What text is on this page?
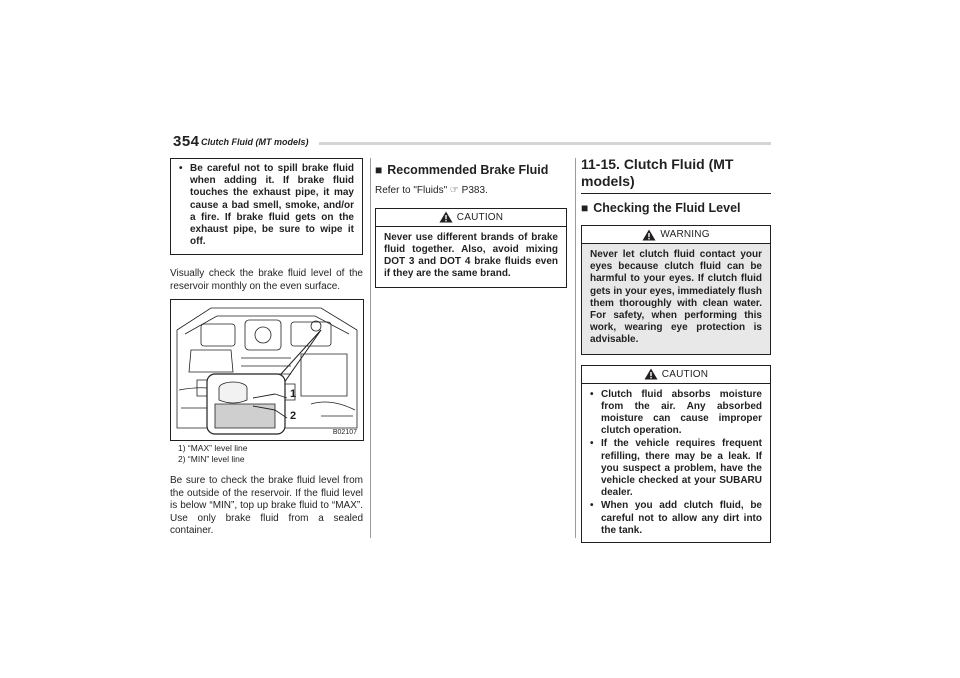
354 Clutch Fluid (MT models)
• Be careful not to spill brake fluid when adding it. If brake fluid touches the exhaust pipe, it may cause a bad smell, smoke, and/or a fire. If brake fluid gets on the exhaust pipe, be sure to wipe it off.
Visually check the brake fluid level of the reservoir monthly on the even surface.
1
2
B02107
1) “MAX” level line
2) “MIN” level line
Be sure to check the brake fluid level from the outside of the reservoir. If the fluid level is below “MIN”, top up brake fluid to “MAX”. Use only brake fluid from a sealed container.
■ Recommended Brake Fluid
Refer to "Fluids" ☞ P383.
CAUTION
Never use different brands of brake fluid together. Also, avoid mixing DOT 3 and DOT 4 brake fluids even if they are the same brand.
11-15. Clutch Fluid (MT models)
■ Checking the Fluid Level
WARNING
Never let clutch fluid contact your eyes because clutch fluid can be harmful to your eyes. If clutch fluid gets in your eyes, immediately flush them thoroughly with clean water. For safety, when performing this work, wearing eye protection is advisable.
CAUTION
• Clutch fluid absorbs moisture from the air. Any absorbed moisture can cause improper clutch operation.
• If the vehicle requires frequent refilling, there may be a leak. If you suspect a problem, have the vehicle checked at your SUBARU dealer.
• When you add clutch fluid, be careful not to allow any dirt into the tank.
